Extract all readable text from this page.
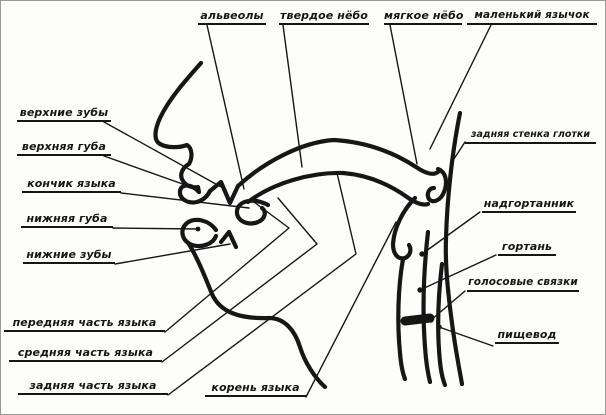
альвеолы твердое нёбо мягкое нёбо	маленький язычок
верхние зубы
верхняя губа
кончик языка
нижняя губа
нижние зубы
передняя часть языка
средняя часть языка
задняя часть языка	корень языка
задняя стенка глотки
надгортанник
гортань
голосовые связки
пищевод
